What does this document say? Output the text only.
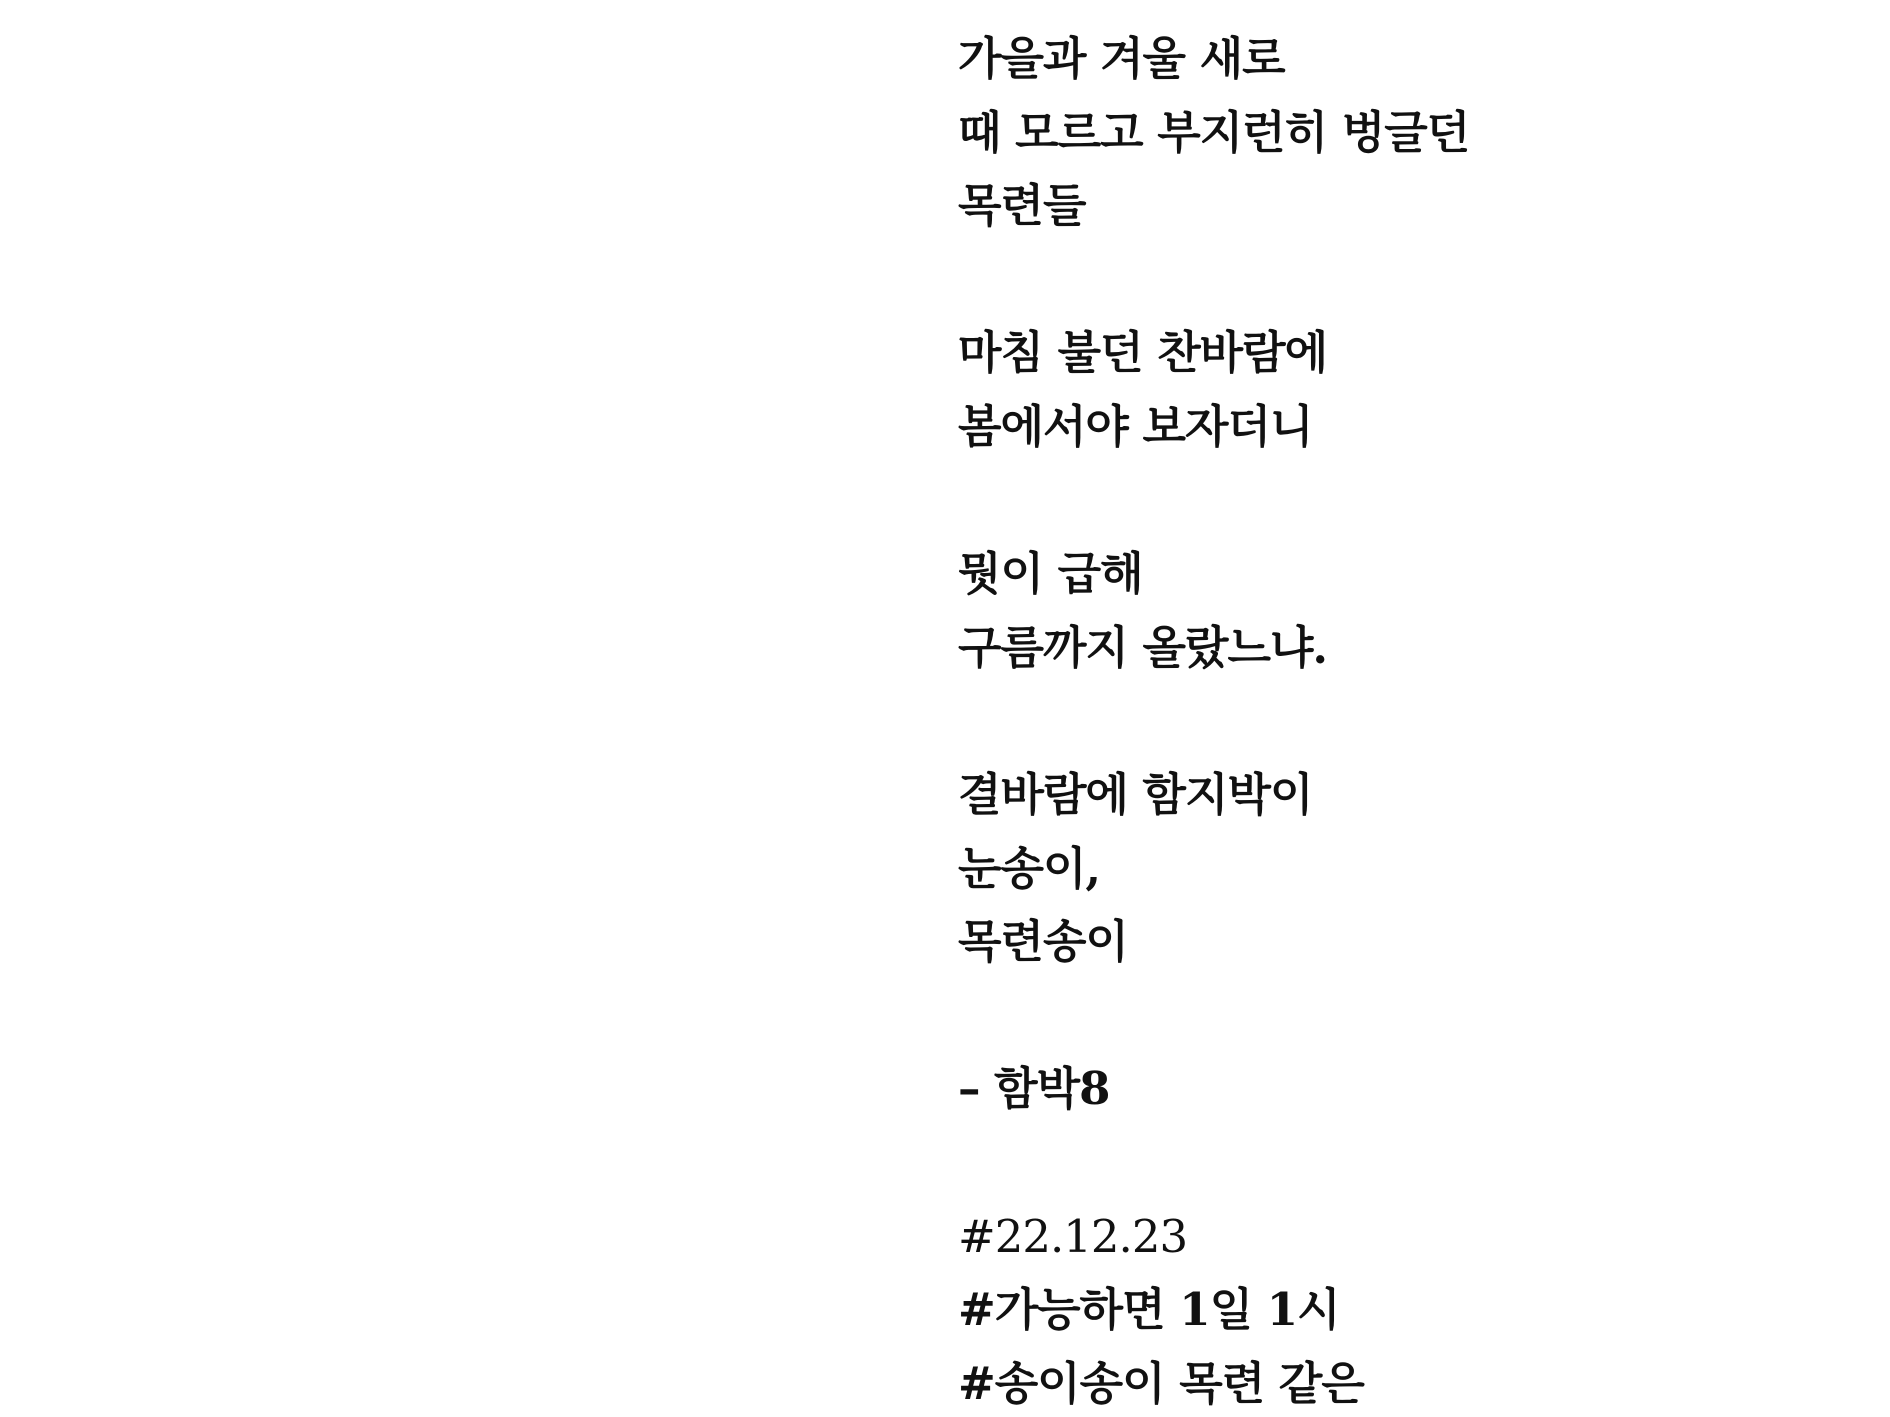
가을과 겨울 새로
때 모르고 부지런히 벙글던
목련들
마침 불던 찬바람에
봄에서야 보자더니
뭣이 급해
구름까지 올랐느냐.
결바람에 함지박이
눈송이,
목련송이
– 함박8
#22.12.23
#가능하면 1일 1시
#송이송이 목련 같은
